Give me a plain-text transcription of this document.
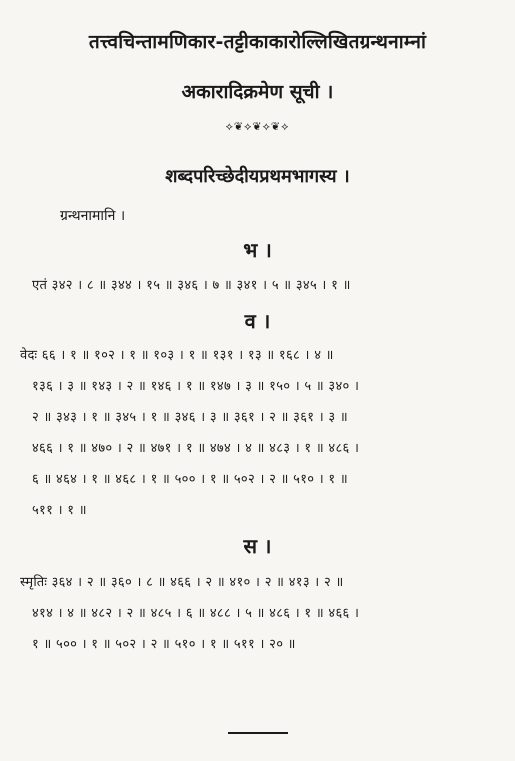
तत्त्वचिन्तामणिकार-तट्टीकाकारोल्लिखितग्रन्थनाम्नां
अकारादिक्रमेण सूची ।
⟡❦⟡❦⟡❦⟡
शब्दपरिच्छेदीयप्रथमभागस्य ।
ग्रन्थनामानि ।
भ ।
एतं ३४२ । ८ ॥ ३४४ । १५ ॥ ३४६ । ७ ॥ ३४१ । ५ ॥ ३४५ । १ ॥
व ।
वेदः ६६ । १ ॥ १०२ । १ ॥ १०३ । १ ॥ १३१ । १३ ॥ १६८ । ४ ॥
१३६ । ३ ॥ १४३ । २ ॥ १४६ । १ ॥ १४७ । ३ ॥ १५० । ५ ॥ ३४० ।
२ ॥ ३४३ । १ ॥ ३४५ । १ ॥ ३४६ । ३ ॥ ३६१ । २ ॥ ३६१ । ३ ॥
४६६ । १ ॥ ४७० । २ ॥ ४७१ । १ ॥ ४७४ । ४ ॥ ४८३ । १ ॥ ४८६ ।
६ ॥ ४६४ । १ ॥ ४६८ । १ ॥ ५०० । १ ॥ ५०२ । २ ॥ ५१० । १ ॥
५११ । १ ॥
स ।
स्मृतिः ३६४ । २ ॥ ३६० । ८ ॥ ४६६ । २ ॥ ४१० । २ ॥ ४१३ । २ ॥
४१४ । ४ ॥ ४८२ । २ ॥ ४८५ । ६ ॥ ४८८ । ५ ॥ ४८६ । १ ॥ ४६६ ।
१ ॥ ५०० । १ ॥ ५०२ । २ ॥ ५१० । १ ॥ ५११ । २० ॥
